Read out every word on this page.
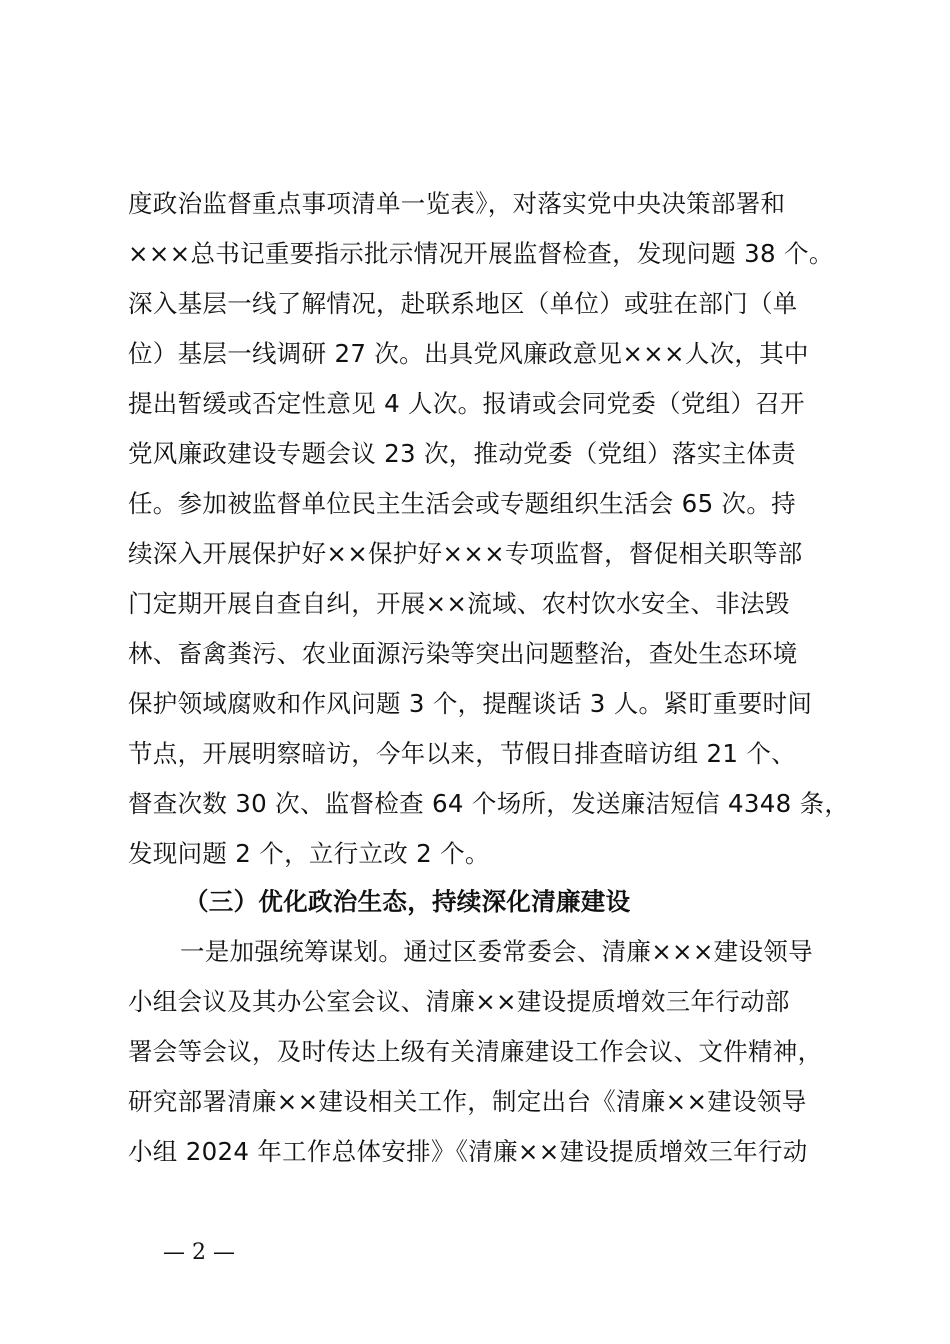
度政治监督重点事项清单一览表》，对落实党中央决策部署和
×××总书记重要指示批示情况开展监督检查，发现问题 38 个。
深入基层一线了解情况，赴联系地区（单位）或驻在部门（单
位）基层一线调研 27 次。出具党风廉政意见×××人次，其中
提出暂缓或否定性意见 4 人次。报请或会同党委（党组）召开
党风廉政建设专题会议 23 次，推动党委（党组）落实主体责
任。参加被监督单位民主生活会或专题组织生活会 65 次。持
续深入开展保护好××保护好×××专项监督，督促相关职等部
门定期开展自查自纠，开展××流域、农村饮水安全、非法毁
林、畜禽粪污、农业面源污染等突出问题整治，查处生态环境
保护领域腐败和作风问题 3 个，提醒谈话 3 人。紧盯重要时间
节点，开展明察暗访，今年以来，节假日排查暗访组 21 个、
督查次数 30 次、监督检查 64 个场所，发送廉洁短信 4348 条，
发现问题 2 个，立行立改 2 个。
（三）优化政治生态，持续深化清廉建设
一是加强统筹谋划。通过区委常委会、清廉×××建设领导
小组会议及其办公室会议、清廉××建设提质增效三年行动部
署会等会议，及时传达上级有关清廉建设工作会议、文件精神，
研究部署清廉××建设相关工作，制定出台《清廉××建设领导
小组 2024 年工作总体安排》《清廉××建设提质增效三年行动
— 2 —
